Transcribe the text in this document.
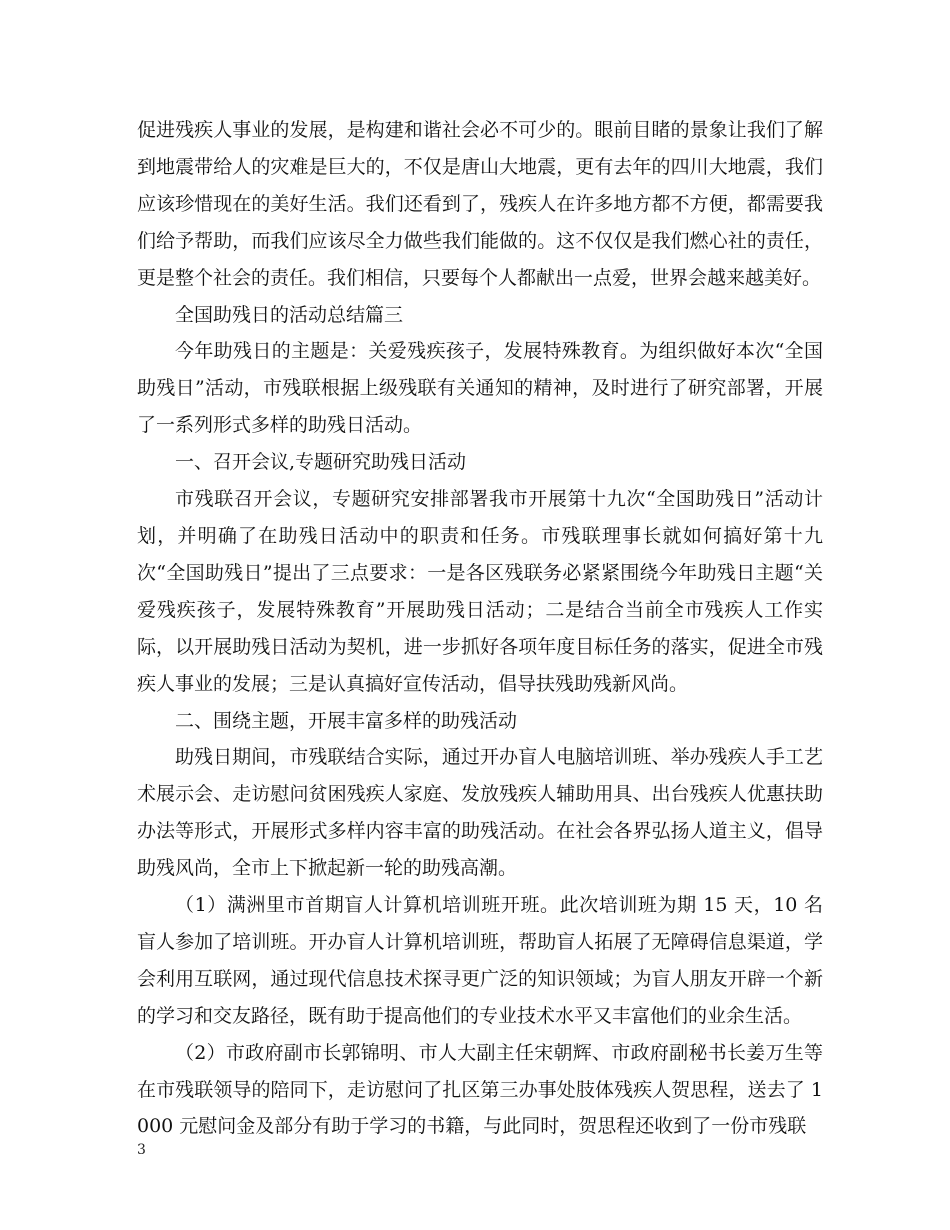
促进残疾人事业的发展，是构建和谐社会必不可少的。眼前目睹的景象让我们了解到地震带给人的灾难是巨大的，不仅是唐山大地震，更有去年的四川大地震，我们应该珍惜现在的美好生活。我们还看到了，残疾人在许多地方都不方便，都需要我们给予帮助，而我们应该尽全力做些我们能做的。这不仅仅是我们燃心社的责任，更是整个社会的责任。我们相信，只要每个人都献出一点爱，世界会越来越美好。

全国助残日的活动总结篇三

今年助残日的主题是：关爱残疾孩子，发展特殊教育。为组织做好本次“全国助残日”活动，市残联根据上级残联有关通知的精神，及时进行了研究部署，开展了一系列形式多样的助残日活动。

一、召开会议,专题研究助残日活动

市残联召开会议，专题研究安排部署我市开展第十九次“全国助残日”活动计划，并明确了在助残日活动中的职责和任务。市残联理事长就如何搞好第十九次“全国助残日”提出了三点要求：一是各区残联务必紧紧围绕今年助残日主题“关爱残疾孩子，发展特殊教育”开展助残日活动；二是结合当前全市残疾人工作实际，以开展助残日活动为契机，进一步抓好各项年度目标任务的落实，促进全市残疾人事业的发展；三是认真搞好宣传活动，倡导扶残助残新风尚。

二、围绕主题，开展丰富多样的助残活动

助残日期间，市残联结合实际，通过开办盲人电脑培训班、举办残疾人手工艺术展示会、走访慰问贫困残疾人家庭、发放残疾人辅助用具、出台残疾人优惠扶助办法等形式，开展形式多样内容丰富的助残活动。在社会各界弘扬人道主义，倡导助残风尚，全市上下掀起新一轮的助残高潮。

（1）满洲里市首期盲人计算机培训班开班。此次培训班为期 15 天，10 名盲人参加了培训班。开办盲人计算机培训班，帮助盲人拓展了无障碍信息渠道，学会利用互联网，通过现代信息技术探寻更广泛的知识领域；为盲人朋友开辟一个新的学习和交友路径，既有助于提高他们的专业技术水平又丰富他们的业余生活。

（2）市政府副市长郭锦明、市人大副主任宋朝辉、市政府副秘书长姜万生等在市残联领导的陪同下，走访慰问了扎区第三办事处肢体残疾人贺思程，送去了 1000 元慰问金及部分有助于学习的书籍，与此同时，贺思程还收到了一份市残联

3
